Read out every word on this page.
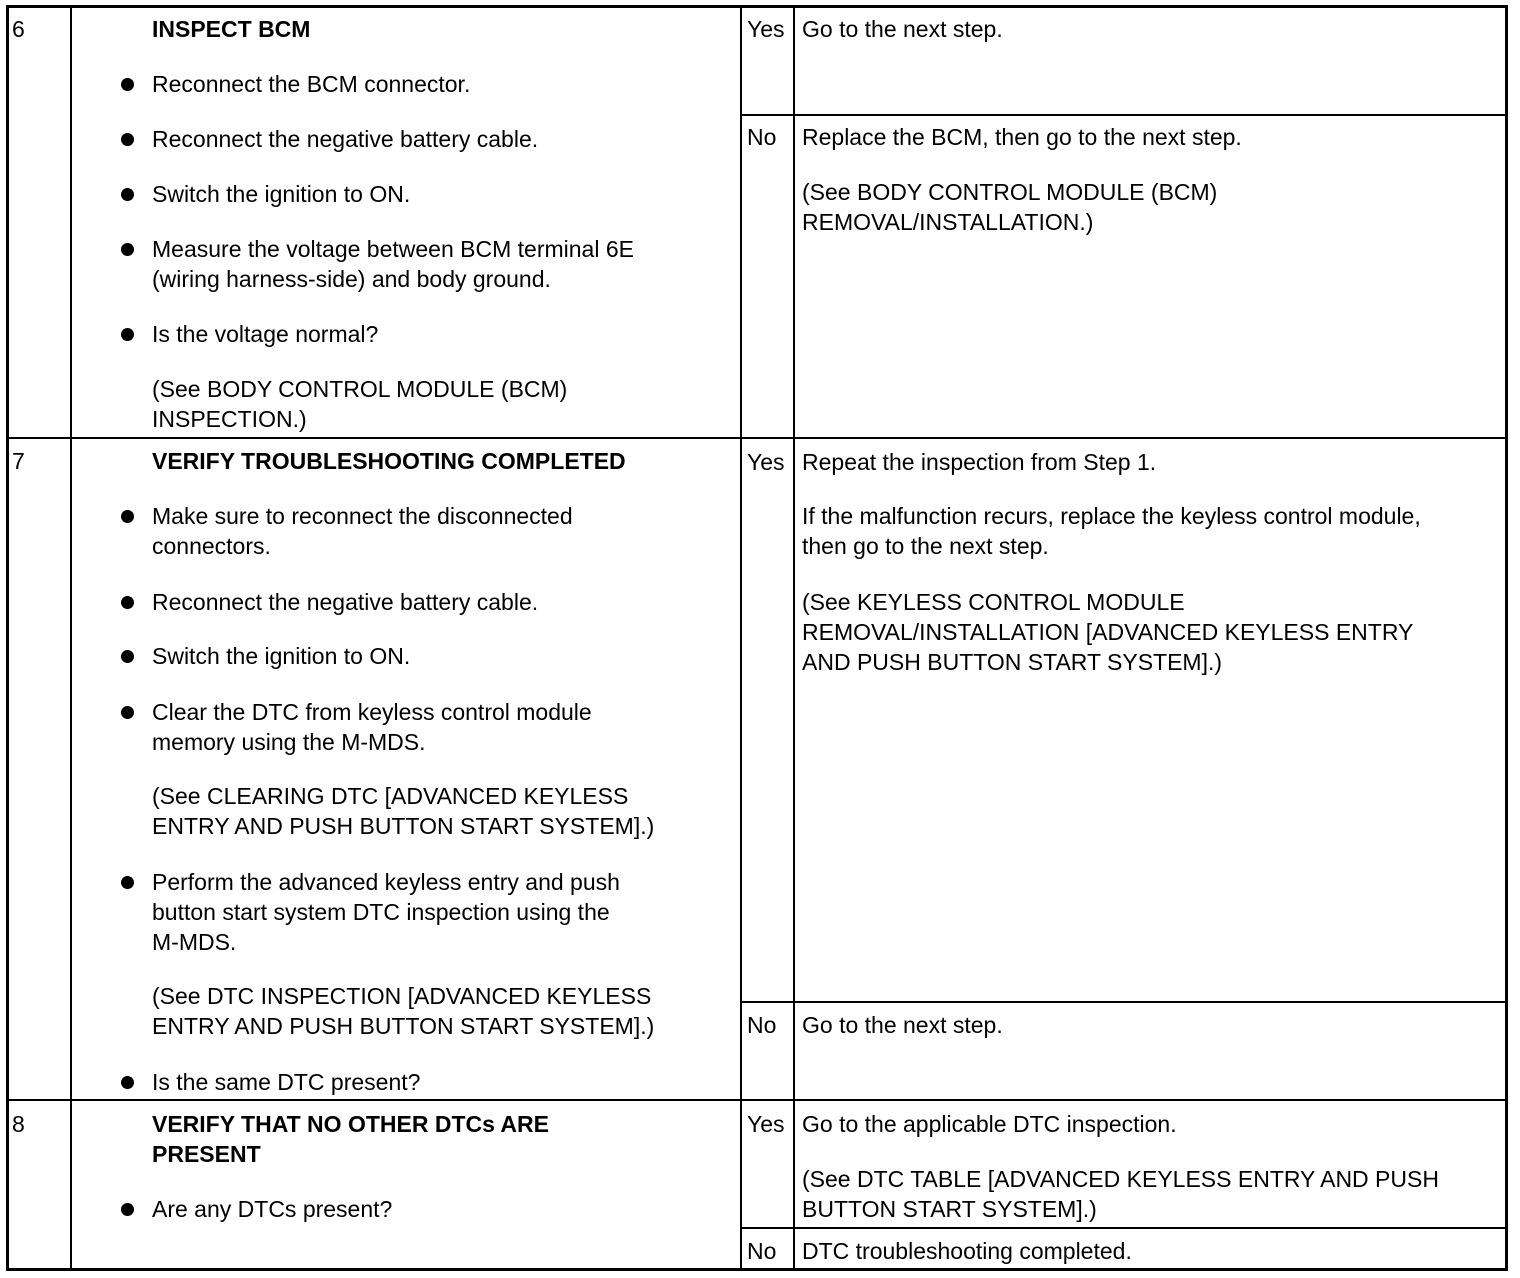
6	INSPECT BCM
Reconnect the BCM connector.
Reconnect the negative battery cable.
Switch the ignition to ON.
Measure the voltage between BCM terminal 6E
(wiring harness-side) and body ground.
Is the voltage normal?
(See BODY CONTROL MODULE (BCM)
INSPECTION.)
Yes Go to the next step.
No Replace the BCM, then go to the next step.
(See BODY CONTROL MODULE (BCM)
REMOVAL/INSTALLATION.)
7	VERIFY TROUBLESHOOTING COMPLETED
Make sure to reconnect the disconnected
connectors.
Reconnect the negative battery cable.
Switch the ignition to ON.
Clear the DTC from keyless control module
memory using the M-MDS.
(See CLEARING DTC [ADVANCED KEYLESS
ENTRY AND PUSH BUTTON START SYSTEM].)
Perform the advanced keyless entry and push
button start system DTC inspection using the
M-MDS.
(See DTC INSPECTION [ADVANCED KEYLESS
ENTRY AND PUSH BUTTON START SYSTEM].)
Is the same DTC present?
Yes Repeat the inspection from Step 1.
If the malfunction recurs, replace the keyless control module,
then go to the next step.
(See KEYLESS CONTROL MODULE
REMOVAL/INSTALLATION [ADVANCED KEYLESS ENTRY
AND PUSH BUTTON START SYSTEM].)
No Go to the next step.
8	VERIFY THAT NO OTHER DTCs ARE
PRESENT
Are any DTCs present?
Yes Go to the applicable DTC inspection.
(See DTC TABLE [ADVANCED KEYLESS ENTRY AND PUSH
BUTTON START SYSTEM].)
No DTC troubleshooting completed.
